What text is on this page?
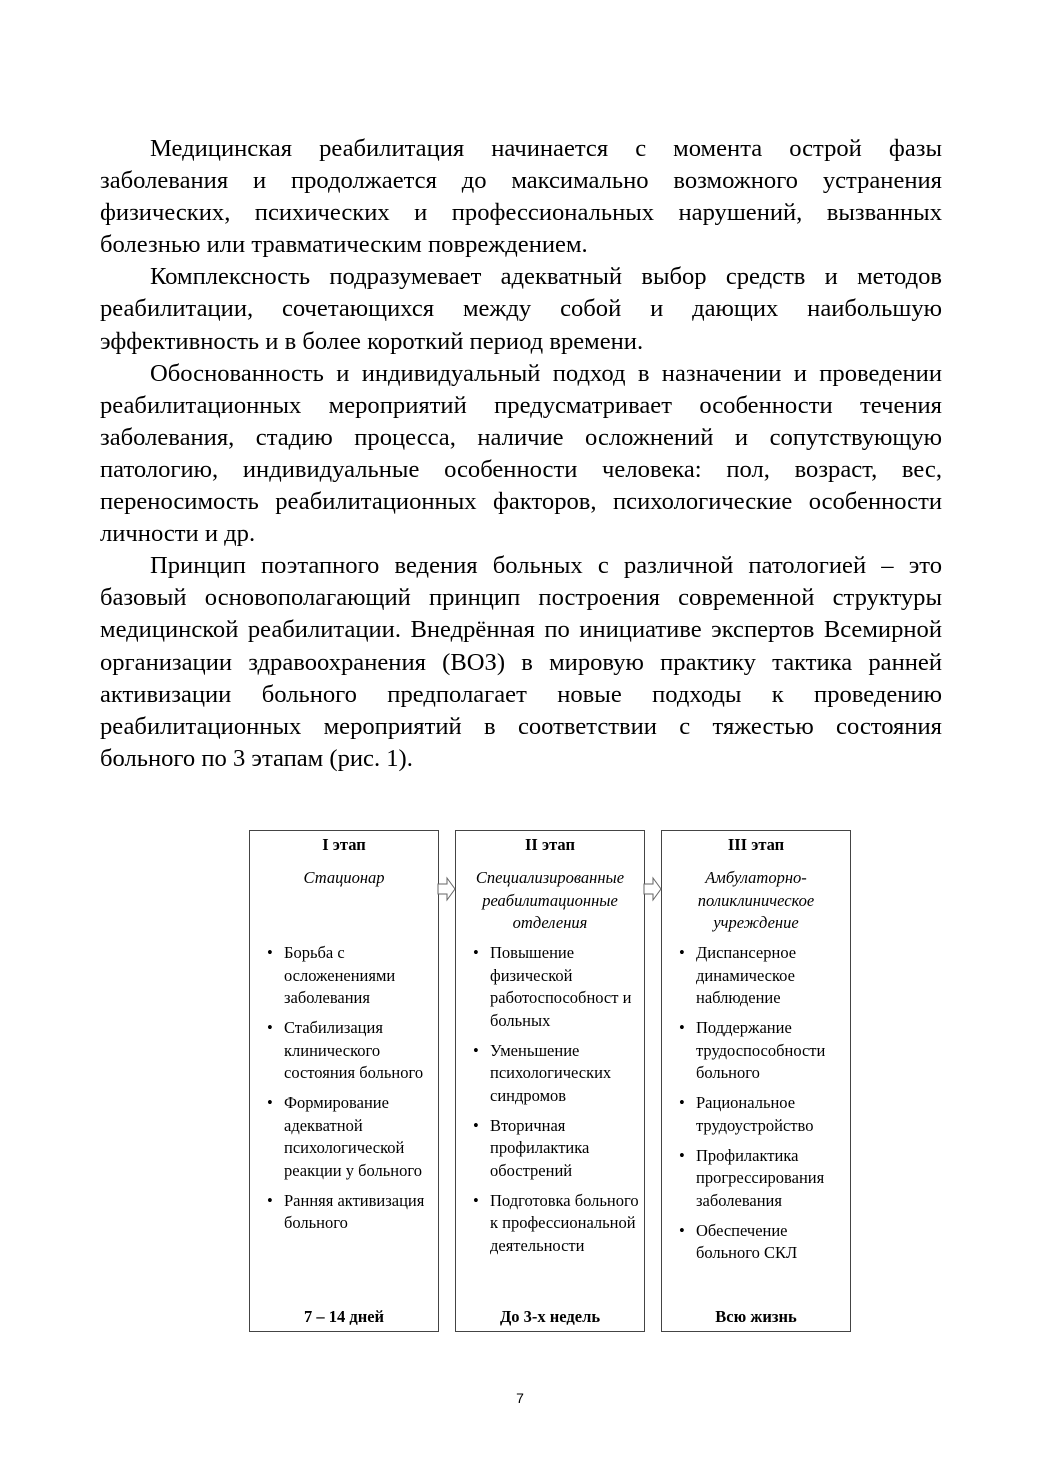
Медицинская реабилитация начинается с момента острой фазы заболевания и продолжается до максимально возможного устранения физических, психических и профессиональных нарушений, вызванных болезнью или травматическим повреждением.

Комплексность подразумевает адекватный выбор средств и методов реабилитации, сочетающихся между собой и дающих наибольшую эффективность и в более короткий период времени.

Обоснованность и индивидуальный подход в назначении и проведении реабилитационных мероприятий предусматривает особенности течения заболевания, стадию процесса, наличие осложнений и сопутствующую патологию, индивидуальные особенности человека: пол, возраст, вес, переносимость реабилитационных факторов, психологические особенности личности и др.

Принцип поэтапного ведения больных с различной патологией – это базовый основополагающий принцип построения современной структуры медицинской реабилитации. Внедрённая по инициативе экспертов Всемирной организации здравоохранения (ВОЗ) в мировую практику тактика ранней активизации больного предполагает новые подходы к проведению реабилитационных мероприятий в соответствии с тяжестью состояния больного по 3 этапам (рис. 1).

I этап
Стационар
• Борьба с осложенениями заболевания
• Стабилизация клинического состояния больного
• Формирование адекватной психологической реакции у больного
• Ранняя активизация больного
7 – 14 дней
II этап
Специализированные реабилитационные отделения
• Повышение физической работоспособност и больных
• Уменьшение психологических синдромов
• Вторичная профилактика обострений
• Подготовка больного к профессиональной деятельности
До 3-х недель
III этап
Амбулаторно-поликлиническое учреждение
• Диспансерное динамическое наблюдение
• Поддержание трудоспособности больного
• Рациональное трудоустройство
• Профилактика прогрессирования заболевания
• Обеспечение больного СКЛ
Всю жизнь
7
